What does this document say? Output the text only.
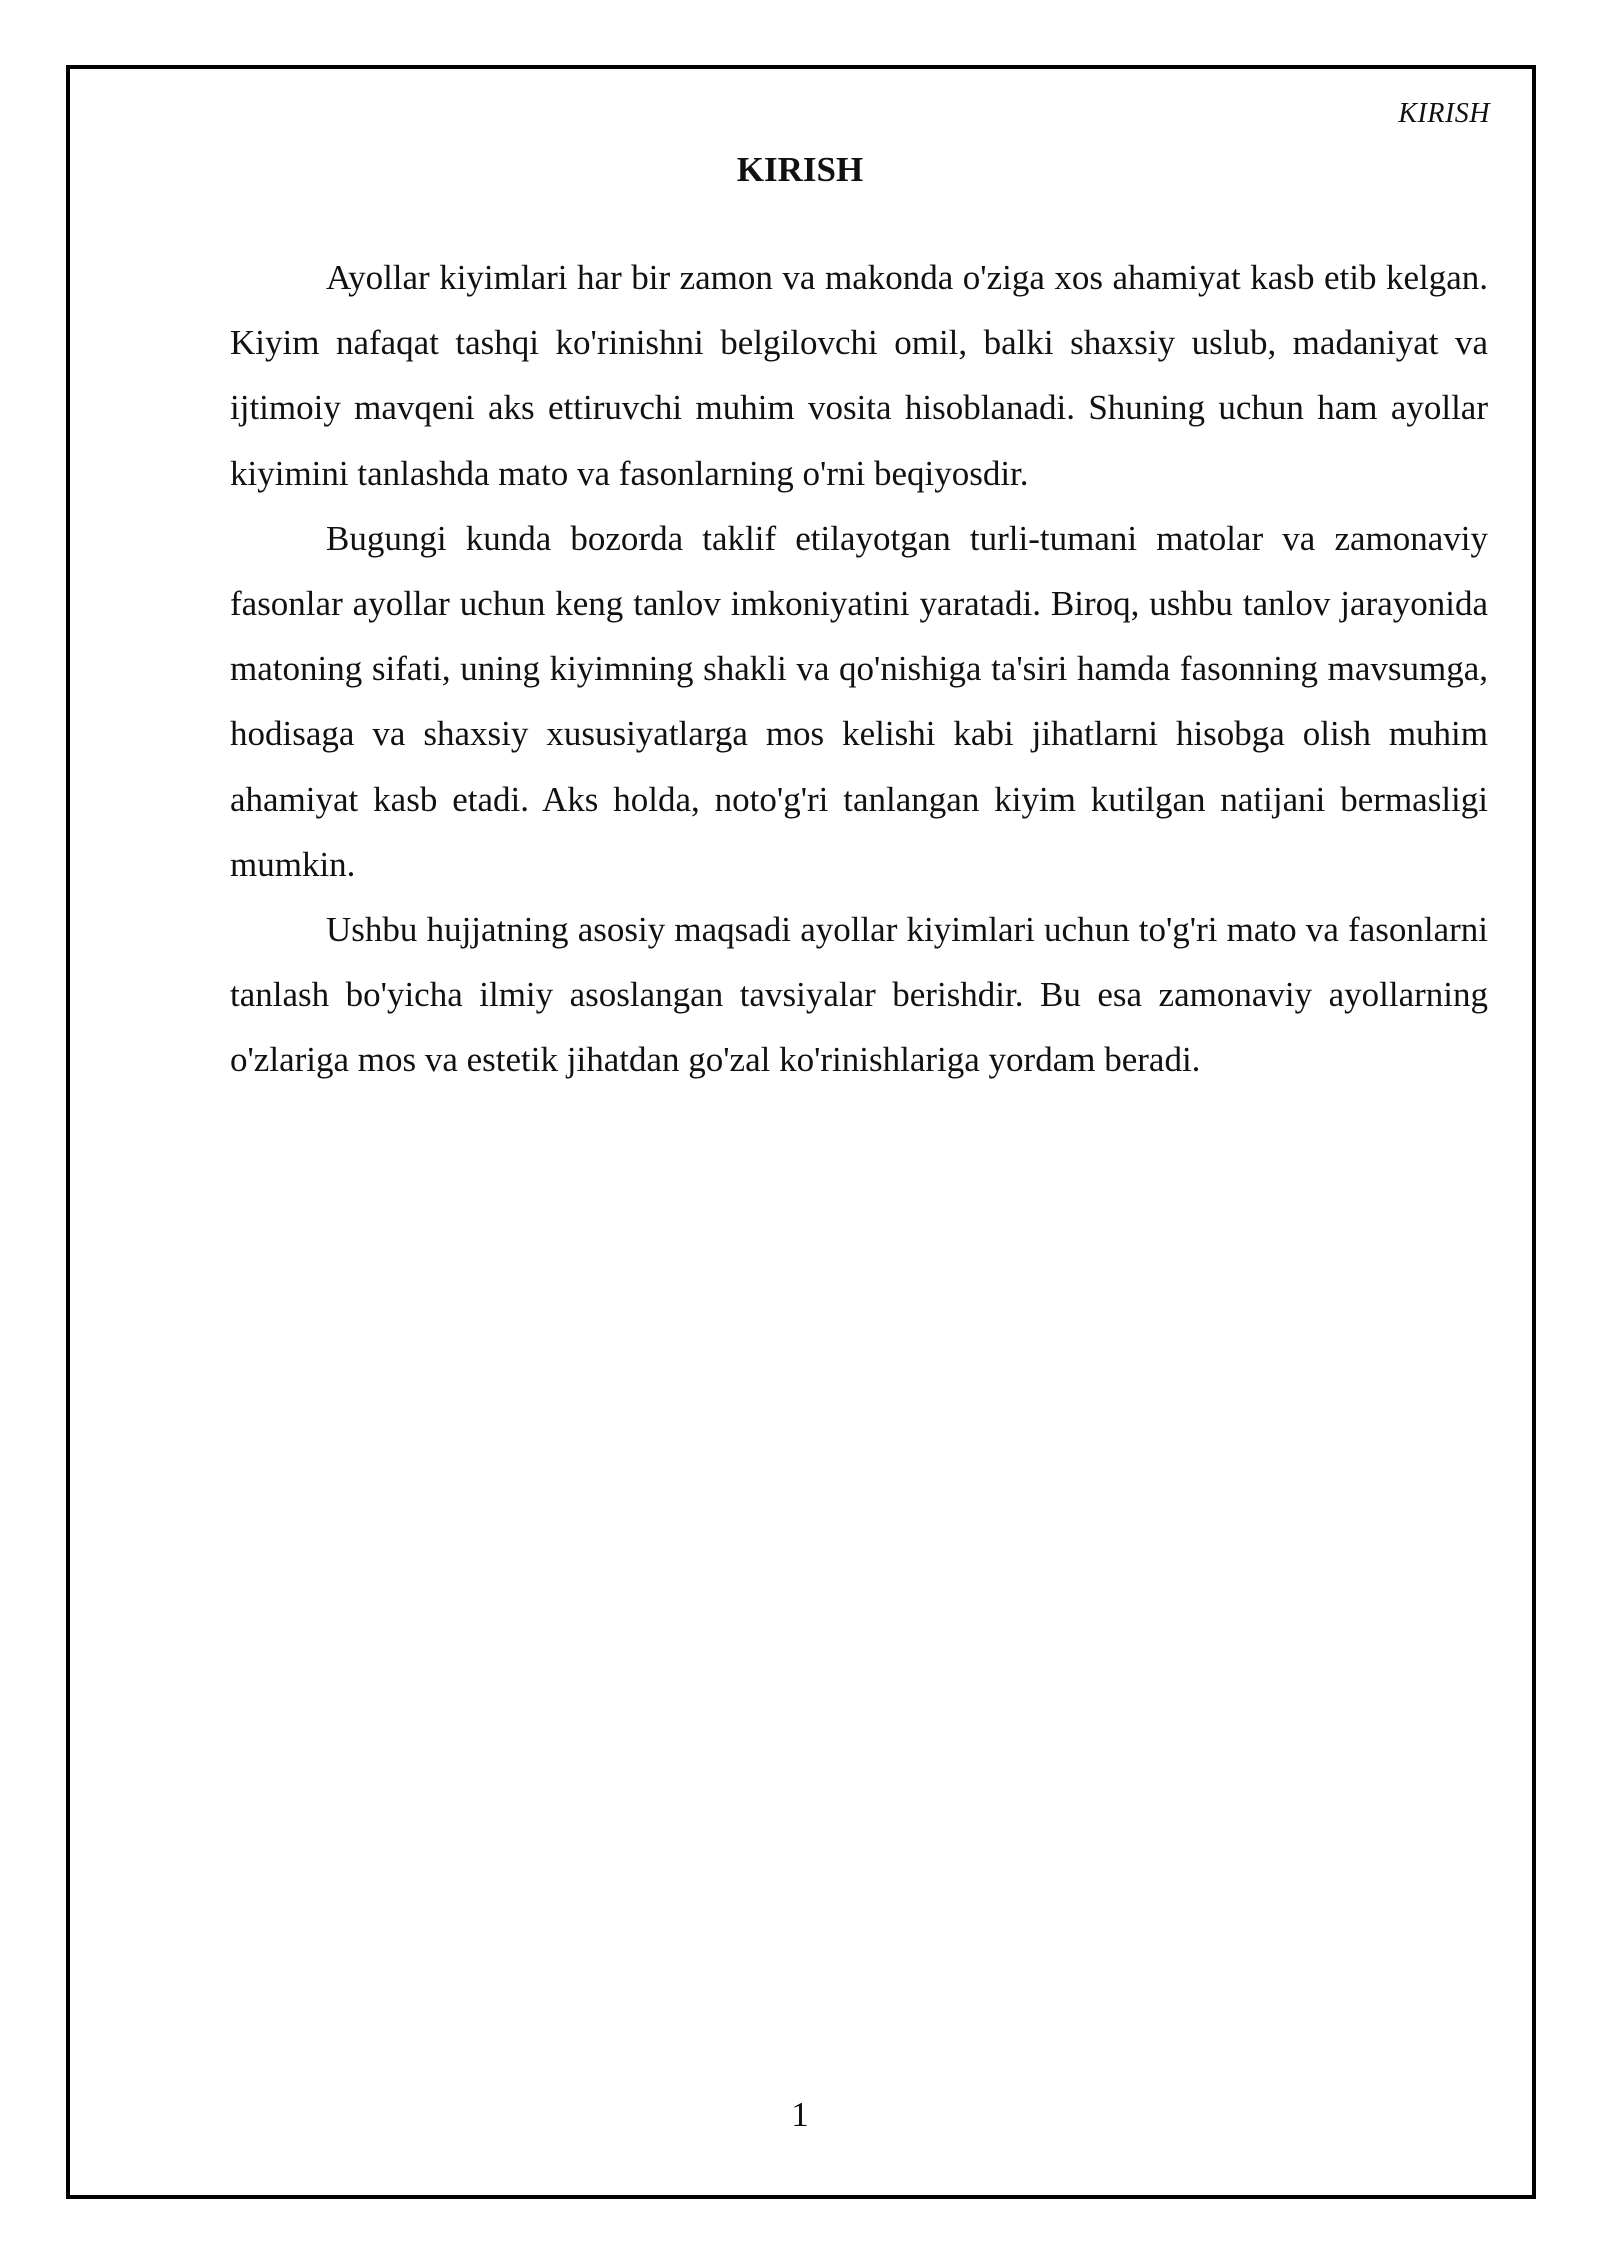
KIRISH
KIRISH

Ayollar kiyimlari har bir zamon va makonda o'ziga xos ahamiyat kasb etib kelgan. Kiyim nafaqat tashqi ko'rinishni belgilovchi omil, balki shaxsiy uslub, madaniyat va ijtimoiy mavqeni aks ettiruvchi muhim vosita hisoblanadi. Shuning uchun ham ayollar kiyimini tanlashda mato va fasonlarning o'rni beqiyosdir.

Bugungi kunda bozorda taklif etilayotgan turli-tumani matolar va zamonaviy fasonlar ayollar uchun keng tanlov imkoniyatini yaratadi. Biroq, ushbu tanlov jarayonida matoning sifati, uning kiyimning shakli va qo'nishiga ta'siri hamda fasonning mavsumga, hodisaga va shaxsiy xususiyatlarga mos kelishi kabi jihatlarni hisobga olish muhim ahamiyat kasb etadi. Aks holda, noto'g'ri tanlangan kiyim kutilgan natijani bermasligi mumkin.

Ushbu hujjatning asosiy maqsadi ayollar kiyimlari uchun to'g'ri mato va fasonlarni tanlash bo'yicha ilmiy asoslangan tavsiyalar berishdir. Bu esa zamonaviy ayollarning o'zlariga mos va estetik jihatdan go'zal ko'rinishlariga yordam beradi.

1
